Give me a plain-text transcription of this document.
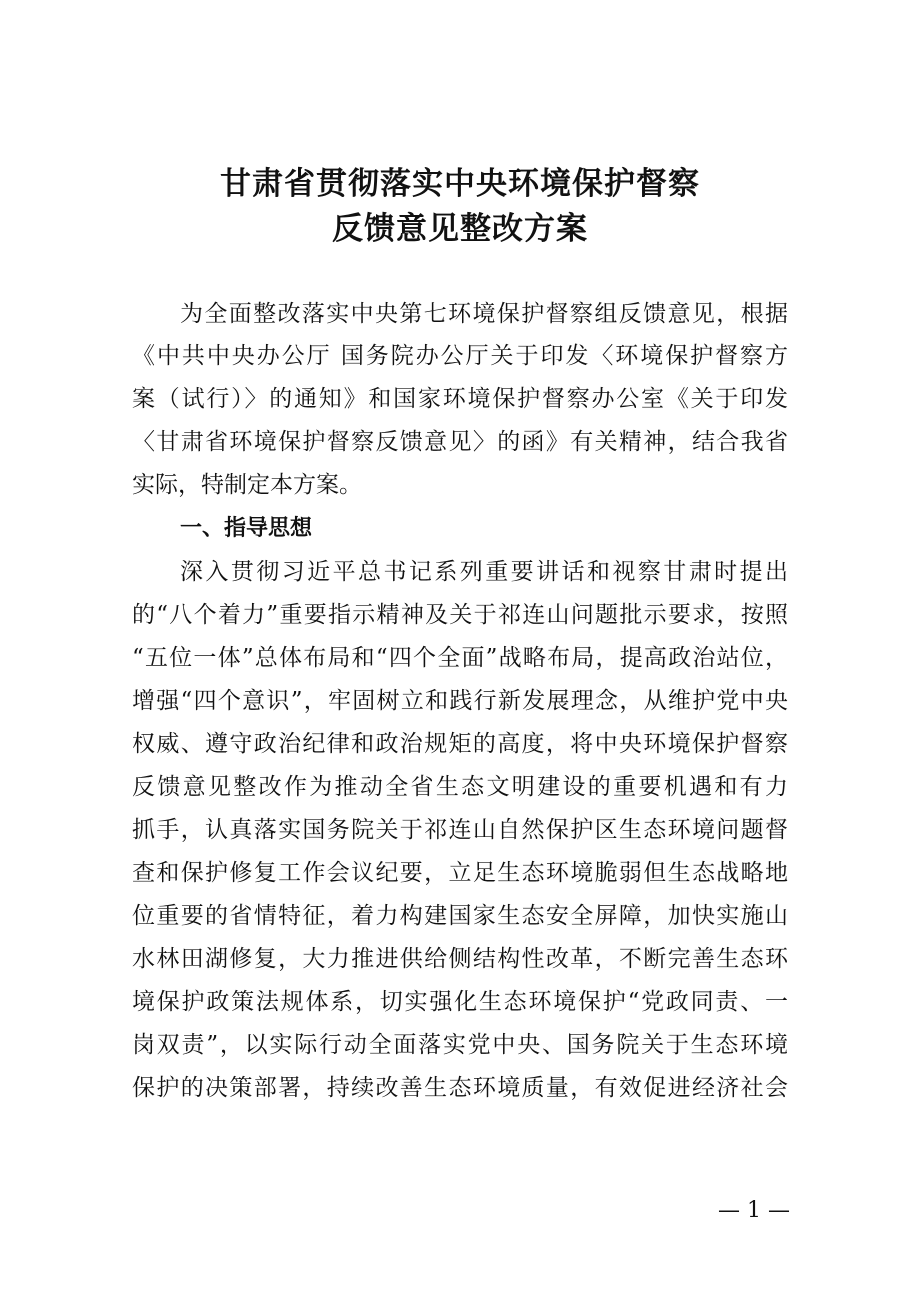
甘肃省贯彻落实中央环境保护督察
反馈意见整改方案
为全面整改落实中央第七环境保护督察组反馈意见，根据
《中共中央办公厅 国务院办公厅关于印发〈环境保护督察方
案（试行）〉的通知》和国家环境保护督察办公室《关于印发
〈甘肃省环境保护督察反馈意见〉的函》有关精神，结合我省
实际，特制定本方案。
一、指导思想
深入贯彻习近平总书记系列重要讲话和视察甘肃时提出
的“八个着力”重要指示精神及关于祁连山问题批示要求，按照
“五位一体”总体布局和“四个全面”战略布局，提高政治站位，
增强“四个意识”，牢固树立和践行新发展理念，从维护党中央
权威、遵守政治纪律和政治规矩的高度，将中央环境保护督察
反馈意见整改作为推动全省生态文明建设的重要机遇和有力
抓手，认真落实国务院关于祁连山自然保护区生态环境问题督
查和保护修复工作会议纪要，立足生态环境脆弱但生态战略地
位重要的省情特征，着力构建国家生态安全屏障，加快实施山
水林田湖修复，大力推进供给侧结构性改革，不断完善生态环
境保护政策法规体系，切实强化生态环境保护“党政同责、一
岗双责”，以实际行动全面落实党中央、国务院关于生态环境
保护的决策部署，持续改善生态环境质量，有效促进经济社会
— 1 —
